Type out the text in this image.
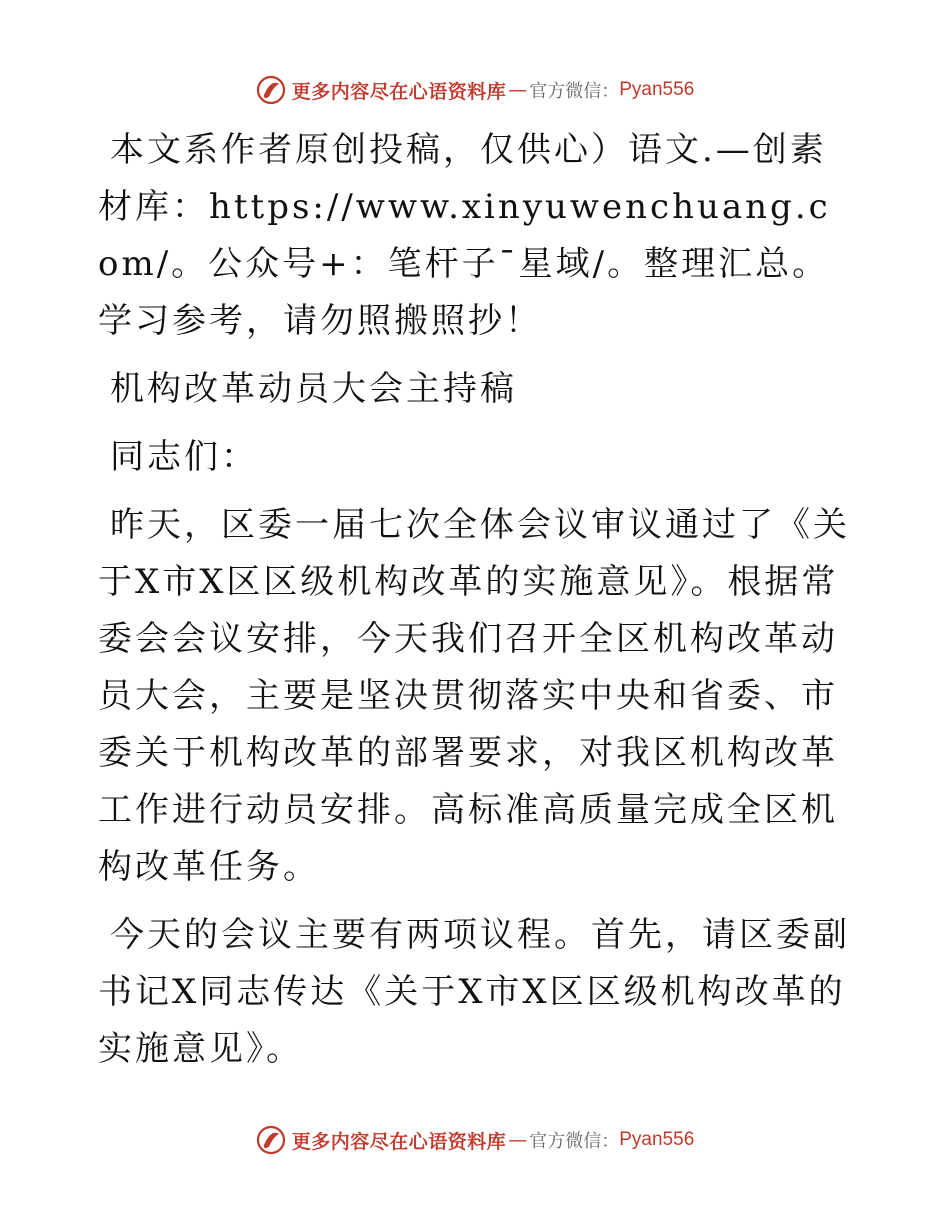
更多内容尽在心语资料库 — 官方微信： Pyan556

本文系作者原创投稿，仅供心）语文.—创素材库：https://www.xinyuwenchuang.com/。公众号+：笔杆子¯星域/。整理汇总。学习参考，请勿照搬照抄！

机构改革动员大会主持稿

同志们：

昨天，区委一届七次全体会议审议通过了《关于X市X区区级机构改革的实施意见》。根据常委会会议安排，今天我们召开全区机构改革动员大会，主要是坚决贯彻落实中央和省委、市委关于机构改革的部署要求，对我区机构改革工作进行动员安排。高标准高质量完成全区机构改革任务。

今天的会议主要有两项议程。首先，请区委副书记X同志传达《关于X市X区区级机构改革的实施意见》。

更多内容尽在心语资料库 — 官方微信： Pyan556
